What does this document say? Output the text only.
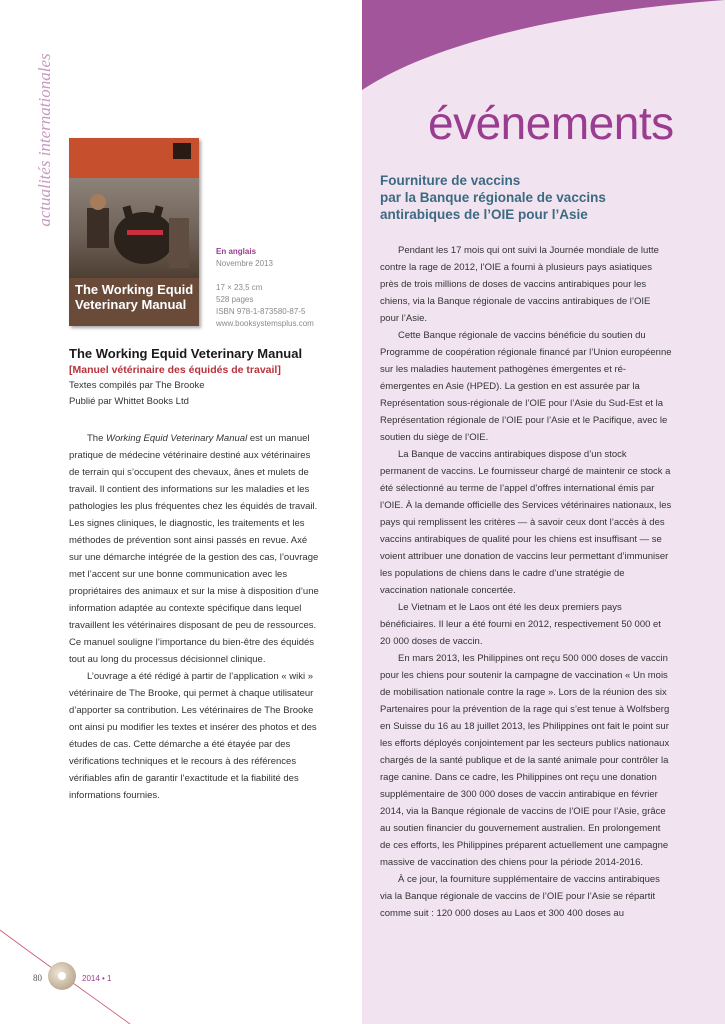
événements
actualités internationales
The Working Equid
Veterinary Manual
En anglais
Novembre 2013
17 × 23,5 cm
528 pages
ISBN 978-1-873580-87-5
www.booksystemsplus.com
The Working Equid Veterinary Manual
[Manuel vétérinaire des équidés de travail]
Textes compilés par The Brooke
Publié par Whittet Books Ltd

The Working Equid Veterinary Manual est un manuel pratique de médecine vétérinaire destiné aux vétérinaires de terrain qui s’occupent des chevaux, ânes et mulets de travail. Il contient des informations sur les maladies et les pathologies les plus fréquentes chez les équidés de travail. Les signes cliniques, le diagnostic, les traitements et les méthodes de prévention sont ainsi passés en revue. Axé sur une démarche intégrée de la gestion des cas, l’ouvrage met l’accent sur une bonne communication avec les propriétaires des animaux et sur la mise à disposition d’une information adaptée au contexte spécifique dans lequel travaillent les vétérinaires disposant de peu de ressources. Ce manuel souligne l’importance du bien-être des équidés tout au long du processus décisionnel clinique.

L’ouvrage a été rédigé à partir de l’application « wiki » vétérinaire de The Brooke, qui permet à chaque utilisateur d’apporter sa contribution. Les vétérinaires de The Brooke ont ainsi pu modifier les textes et insérer des photos et des études de cas. Cette démarche a été étayée par des vérifications techniques et le recours à des références vérifiables afin de garantir l’exactitude et la fiabilité des informations fournies.

Fourniture de vaccins
par la Banque régionale de vaccins
antirabiques de l’OIE pour l’Asie

Pendant les 17 mois qui ont suivi la Journée mondiale de lutte contre la rage de 2012, l’OIE a fourni à plusieurs pays asiatiques près de trois millions de doses de vaccins antirabiques pour les chiens, via la Banque régionale de vaccins antirabiques de l’OIE pour l’Asie.

Cette Banque régionale de vaccins bénéficie du soutien du Programme de coopération régionale financé par l’Union européenne sur les maladies hautement pathogènes émergentes et ré-émergentes en Asie (HPED). La gestion en est assurée par la Représentation sous-régionale de l’OIE pour l’Asie du Sud-Est et la Représentation régionale de l’OIE pour l’Asie et le Pacifique, avec le soutien du siège de l’OIE.

La Banque de vaccins antirabiques dispose d’un stock permanent de vaccins. Le fournisseur chargé de maintenir ce stock a été sélectionné au terme de l’appel d’offres international émis par l’OIE. À la demande officielle des Services vétérinaires nationaux, les pays qui remplissent les critères — à savoir ceux dont l’accès à des vaccins antirabiques de qualité pour les chiens est insuffisant — se voient attribuer une donation de vaccins leur permettant d’immuniser les populations de chiens dans le cadre d’une stratégie de vaccination nationale concertée.

Le Vietnam et le Laos ont été les deux premiers pays bénéficiaires. Il leur a été fourni en 2012, respectivement 50 000 et 20 000 doses de vaccin.

En mars 2013, les Philippines ont reçu 500 000 doses de vaccin pour les chiens pour soutenir la campagne de vaccination « Un mois de mobilisation nationale contre la rage ». Lors de la réunion des six Partenaires pour la prévention de la rage qui s’est tenue à Wolfsberg en Suisse du 16 au 18 juillet 2013, les Philippines ont fait le point sur les efforts déployés conjointement par les secteurs publics nationaux chargés de la santé publique et de la santé animale pour contrôler la rage canine. Dans ce cadre, les Philippines ont reçu une donation supplémentaire de 300 000 doses de vaccin antirabique en février 2014, via la Banque régionale de vaccins de l’OIE pour l’Asie, grâce au soutien financier du gouvernement australien. En prolongement de ces efforts, les Philippines préparent actuellement une campagne massive de vaccination des chiens pour la période 2014-2016.

À ce jour, la fourniture supplémentaire de vaccins antirabiques via la Banque régionale de vaccins de l’OIE pour l’Asie se répartit comme suit : 120 000 doses au Laos et 300 400 doses au

80	2014 • 1
